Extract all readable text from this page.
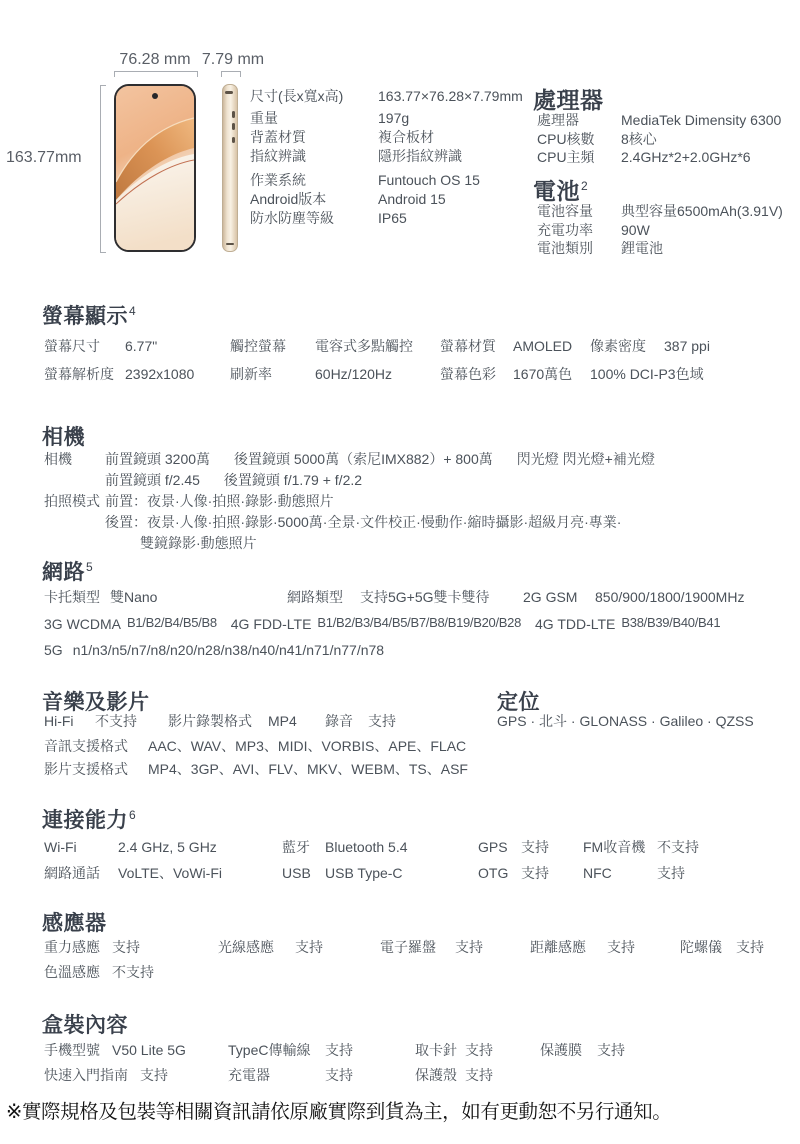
76.28 mm 7.79 mm
163.77mm
尺寸(長x寬x高)	163.77×76.28×7.79mm
重量	197g
背蓋材質	複合板材
指紋辨識	隱形指紋辨識
作業系統	Funtouch OS 15
Android版本	Android 15
防水防塵等級	IP65
處理器
處理器	MediaTek Dimensity 6300
CPU核數	8核心
CPU主頻	2.4GHz*2+2.0GHz*6
電池$^2$
電池容量	典型容量6500mAh(3.91V)
充電功率	90W
電池類別	鋰電池
螢幕顯示$^4$
螢幕尺寸	6.77"	觸控螢幕	電容式多點觸控	螢幕材質	AMOLED	像素密度	387 ppi
螢幕解析度 2392x1080	刷新率	60Hz/120Hz	螢幕色彩	1670萬色	100% DCI-P3色域
相機
相機	前置鏡頭 3200萬 後置鏡頭 5000萬（索尼IMX882）+ 800萬 閃光燈 閃光燈+補光燈
前置鏡頭 f/2.45 後置鏡頭 f/1.79 + f/2.2
拍照模式 前置：夜景·人像·拍照·錄影·動態照片
後置：夜景·人像·拍照·錄影·5000萬·全景·文件校正·慢動作·縮時攝影·超級月亮·專業·
雙鏡錄影·動態照片
網路$^5$
卡托類型 雙Nano	網路類型	支持5G+5G雙卡雙待	2G GSM	850/900/1800/1900MHz
3G WCDMA B1/B2/B4/B5/B8 4G FDD-LTE B1/B2/B3/B4/B5/B7/B8/B19/B20/B28 4G TDD-LTE B38/B39/B40/B41
5G n1/n3/n5/n7/n8/n20/n28/n38/n40/n41/n71/n77/n78
音樂及影片	定位
Hi-Fi	不支持	影片錄製格式	MP4	錄音	支持	GPS · 北斗 · GLONASS · Galileo · QZSS
音訊支援格式	AAC、WAV、MP3、MIDI、VORBIS、APE、FLAC
影片支援格式	MP4、3GP、AVI、FLV、MKV、WEBM、TS、ASF
連接能力$^6$
Wi-Fi	2.4 GHz, 5 GHz	藍牙	Bluetooth 5.4	GPS 支持	FM收音機 不支持
網路通話	VoLTE、VoWi-Fi	USB	USB Type-C	OTG 支持	NFC	支持
感應器
重力感應 支持	光線感應	支持	電子羅盤	支持	距離感應	支持	陀螺儀	支持
色溫感應 不支持
盒裝內容
手機型號 V50 Lite 5G	TypeC傳輸線	支持	取卡針 支持	保護膜	支持
快速入門指南 支持	充電器	支持	保護殼 支持
※實際規格及包裝等相關資訊請依原廠實際到貨為主，如有更動恕不另行通知。
